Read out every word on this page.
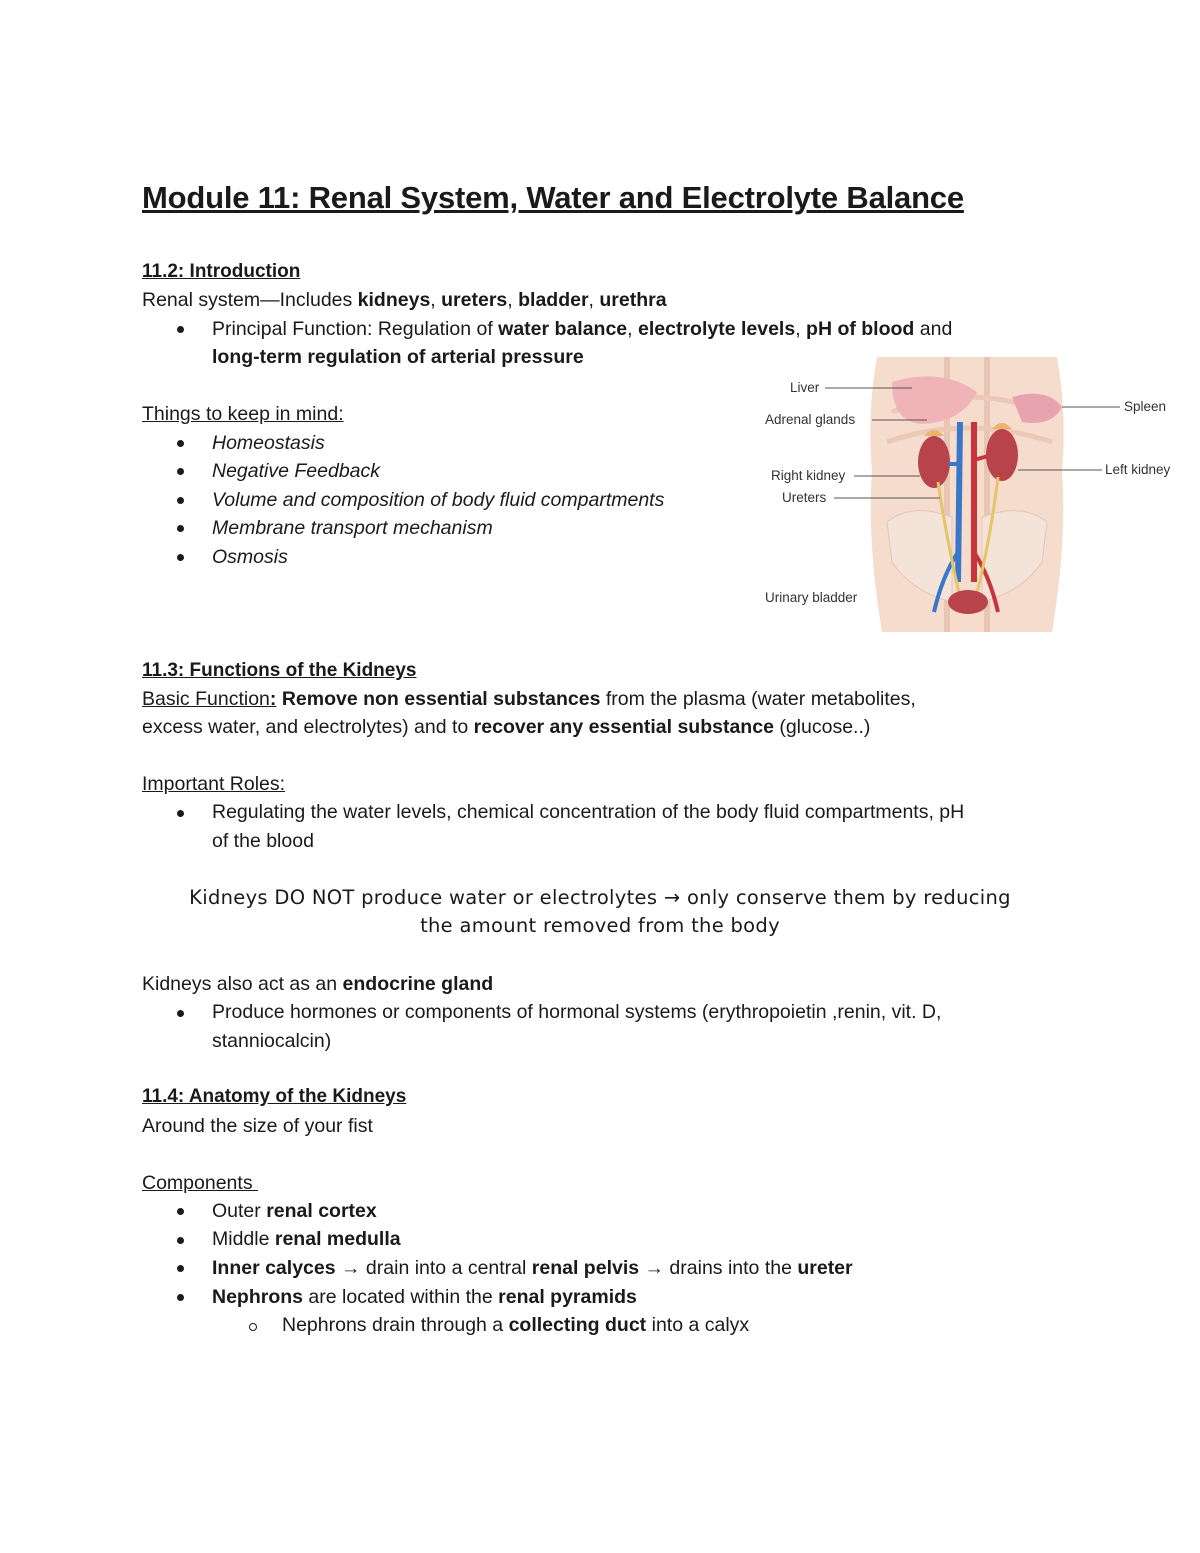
Module 11: Renal System, Water and Electrolyte Balance
11.2: Introduction
Renal system—Includes kidneys, ureters, bladder, urethra
Principal Function: Regulation of water balance, electrolyte levels, pH of blood and
long-term regulation of arterial pressure
Things to keep in mind:
Homeostasis
Negative Feedback
Volume and composition of body fluid compartments
Membrane transport mechanism
Osmosis
Liver
Adrenal glands
Right kidney
Ureters
Urinary bladder
Spleen
Left kidney
11.3: Functions of the Kidneys
Basic Function: Remove non essential substances from the plasma (water metabolites,
excess water, and electrolytes) and to recover any essential substance (glucose..)
Important Roles:
Regulating the water levels, chemical concentration of the body fluid compartments, pH
of the blood
Kidneys DO NOT produce water or electrolytes → only conserve them by reducing
the amount removed from the body
Kidneys also act as an endocrine gland
Produce hormones or components of hormonal systems (erythropoietin ,renin, vit. D,
stanniocalcin)
11.4: Anatomy of the Kidneys
Around the size of your fist
Components
Outer renal cortex
Middle renal medulla
Inner calyces → drain into a central renal pelvis → drains into the ureter
Nephrons are located within the renal pyramids
Nephrons drain through a collecting duct into a calyx
